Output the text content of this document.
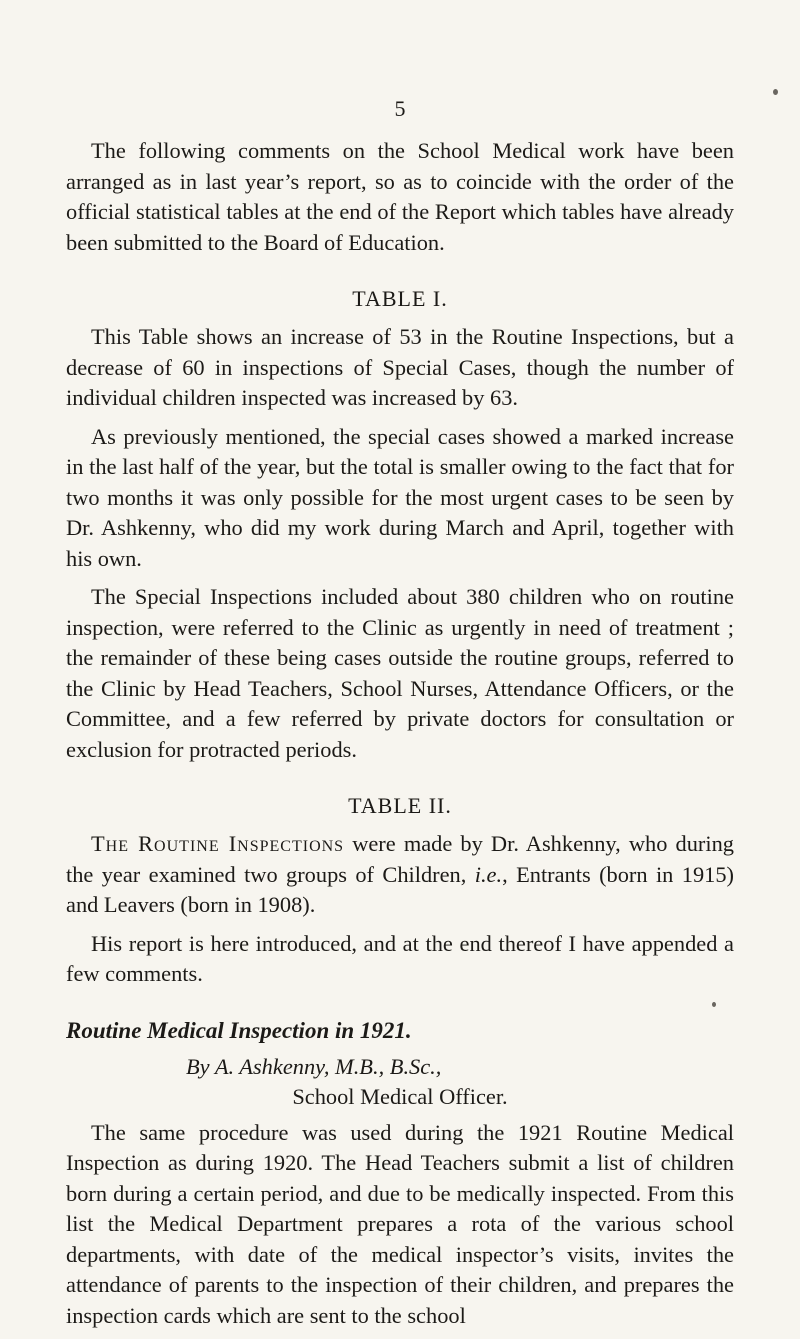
5

The following comments on the School Medical work have been arranged as in last year’s report, so as to coincide with the order of the official statistical tables at the end of the Report which tables have already been submitted to the Board of Education.

TABLE I.

This Table shows an increase of 53 in the Routine Inspections, but a decrease of 60 in inspections of Special Cases, though the number of individual children inspected was increased by 63.

As previously mentioned, the special cases showed a marked increase in the last half of the year, but the total is smaller owing to the fact that for two months it was only possible for the most urgent cases to be seen by Dr. Ashkenny, who did my work during March and April, together with his own.

The Special Inspections included about 380 children who on routine inspection, were referred to the Clinic as urgently in need of treatment ; the remainder of these being cases outside the routine groups, referred to the Clinic by Head Teachers, School Nurses, Attendance Officers, or the Committee, and a few referred by private doctors for consultation or exclusion for protracted periods.

TABLE II.

The Routine Inspections were made by Dr. Ashkenny, who during the year examined two groups of Children, i.e., Entrants (born in 1915) and Leavers (born in 1908).

His report is here introduced, and at the end thereof I have appended a few comments.

Routine Medical Inspection in 1921.
By A. Ashkenny, M.B., B.Sc.,
School Medical Officer.

The same procedure was used during the 1921 Routine Medical Inspection as during 1920. The Head Teachers submit a list of children born during a certain period, and due to be medically inspected. From this list the Medical Department prepares a rota of the various school departments, with date of the medical inspector’s visits, invites the attendance of parents to the inspection of their children, and prepares the inspection cards which are sent to the school
